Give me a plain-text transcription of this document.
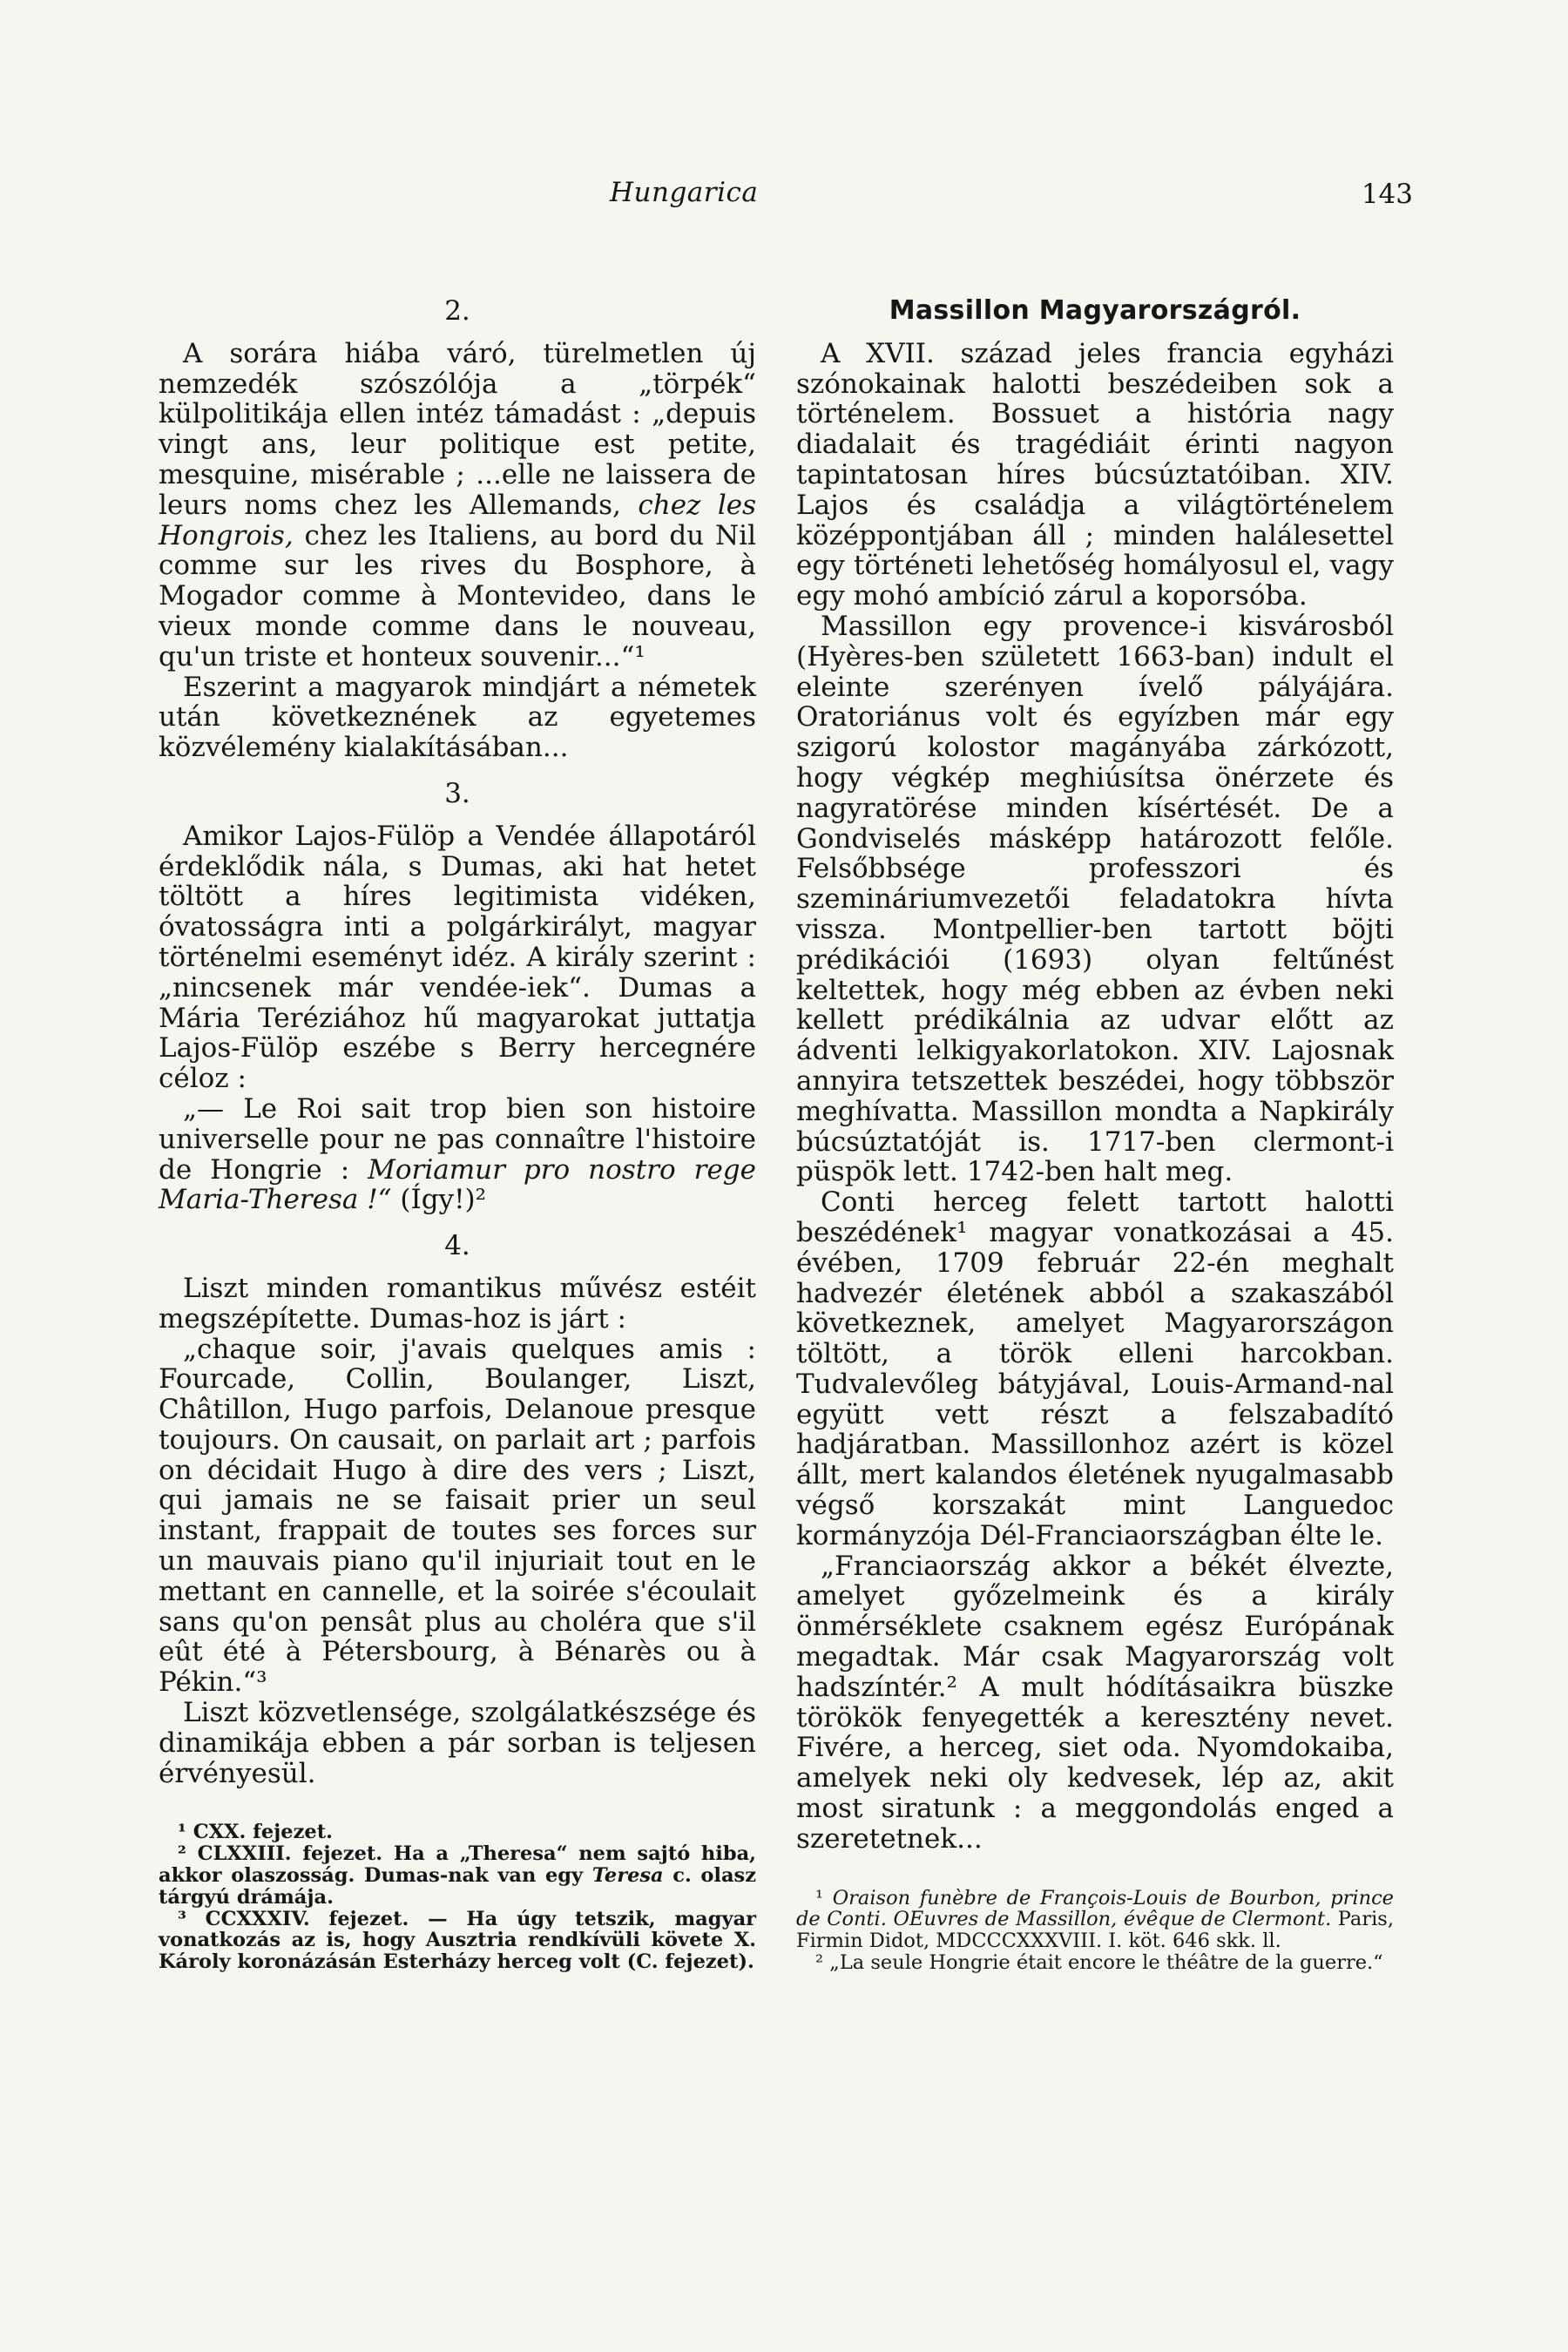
Hungarica	143
2.

A sorára hiába váró, türelmetlen új nemzedék szószólója a „törpék“ külpolitikája ellen intéz támadást : „depuis vingt ans, leur politique est petite, mesquine, misérable ; ...elle ne laissera de leurs noms chez les Allemands, chez les Hongrois, chez les Italiens, au bord du Nil comme sur les rives du Bosphore, à Mogador comme à Montevideo, dans le vieux monde comme dans le nouveau, qu'un triste et honteux souvenir...“¹

Eszerint a magyarok mindjárt a németek után következnének az egyetemes közvélemény kialakításában...

3.

Amikor Lajos-Fülöp a Vendée állapotáról érdeklődik nála, s Dumas, aki hat hetet töltött a híres legitimista vidéken, óvatosságra inti a polgárkirályt, magyar történelmi eseményt idéz. A király szerint : „nincsenek már vendée-iek“. Dumas a Mária Teréziához hű magyarokat juttatja Lajos-Fülöp eszébe s Berry hercegnére céloz :

„— Le Roi sait trop bien son histoire universelle pour ne pas connaître l'histoire de Hongrie : Moriamur pro nostro rege Maria-Theresa !“ (Így!)²

4.

Liszt minden romantikus művész estéit megszépítette. Dumas-hoz is járt :

„chaque soir, j'avais quelques amis : Fourcade, Collin, Boulanger, Liszt, Châtillon, Hugo parfois, Delanoue presque toujours. On causait, on parlait art ; parfois on décidait Hugo à dire des vers ; Liszt, qui jamais ne se faisait prier un seul instant, frappait de toutes ses forces sur un mauvais piano qu'il injuriait tout en le mettant en cannelle, et la soirée s'écoulait sans qu'on pensât plus au choléra que s'il eût été à Pétersbourg, à Bénarès ou à Pékin.“³

Liszt közvetlensége, szolgálatkészsége és dinamikája ebben a pár sorban is teljesen érvényesül.

¹ CXX. fejezet.

² CLXXIII. fejezet. Ha a „Theresa“ nem sajtó hiba, akkor olaszosság. Dumas-nak van egy Teresa c. olasz tárgyú drámája.

³ CCXXXIV. fejezet. — Ha úgy tetszik, magyar vonatkozás az is, hogy Ausztria rendkívüli követe X. Károly koronázásán Esterházy herceg volt (C. fejezet).

Massillon Magyarországról.

A XVII. század jeles francia egyházi szónokainak halotti beszédeiben sok a történelem. Bossuet a história nagy diadalait és tragédiáit érinti nagyon tapintatosan híres búcsúztatóiban. XIV. Lajos és családja a világtörténelem középpontjában áll ; minden halálesettel egy történeti lehetőség homályosul el, vagy egy mohó ambíció zárul a koporsóba.

Massillon egy provence-i kisvárosból (Hyères-ben született 1663-ban) indult el eleinte szerényen ívelő pályájára. Oratoriánus volt és egyízben már egy szigorú kolostor magányába zárkózott, hogy végkép meghiúsítsa önérzete és nagyratörése minden kísértését. De a Gondviselés másképp határozott felőle. Felsőbbsége professzori és szemináriumvezetői feladatokra hívta vissza. Montpellier-ben tartott böjti prédikációi (1693) olyan feltűnést keltettek, hogy még ebben az évben neki kellett prédikálnia az udvar előtt az ádventi lelkigyakorlatokon. XIV. Lajosnak annyira tetszettek beszédei, hogy többször meghívatta. Massillon mondta a Napkirály búcsúztatóját is. 1717-ben clermont-i püspök lett. 1742-ben halt meg.

Conti herceg felett tartott halotti beszédének¹ magyar vonatkozásai a 45. évében, 1709 február 22-én meghalt hadvezér életének abból a szakaszából következnek, amelyet Magyarországon töltött, a török elleni harcokban. Tudvalevőleg bátyjával, Louis-Armand-nal együtt vett részt a felszabadító hadjáratban. Massillonhoz azért is közel állt, mert kalandos életének nyugalmasabb végső korszakát mint Languedoc kormányzója Dél-Franciaországban élte le.

„Franciaország akkor a békét élvezte, amelyet győzelmeink és a király önmérséklete csaknem egész Európának megadtak. Már csak Magyarország volt hadszíntér.² A mult hódításaikra büszke törökök fenyegették a keresztény nevet. Fivére, a herceg, siet oda. Nyomdokaiba, amelyek neki oly kedvesek, lép az, akit most siratunk : a meggondolás enged a szeretetnek...

¹ Oraison funèbre de François-Louis de Bourbon, prince de Conti. OEuvres de Massillon, évêque de Clermont. Paris, Firmin Didot, MDCCCXXXVIII. I. köt. 646 skk. ll.

² „La seule Hongrie était encore le théâtre de la guerre.“
